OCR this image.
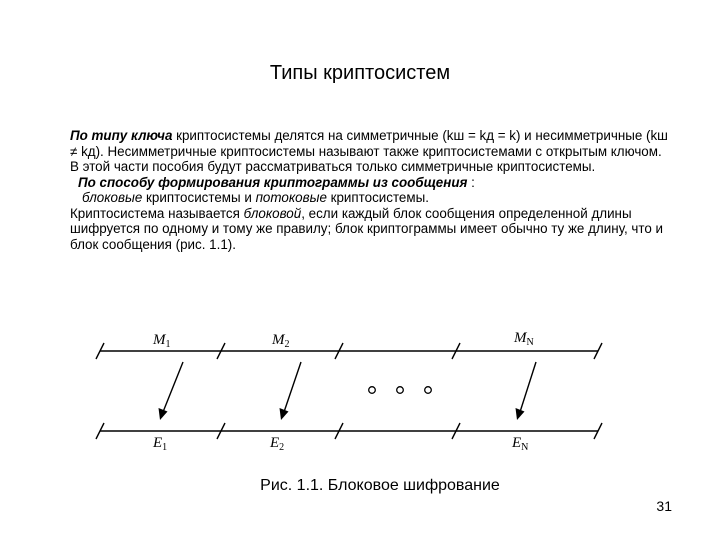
Типы криптосистем

По типу ключа криптосистемы делятся на симметричные (kш = kд = k) и несимметричные (kш ≠ kд). Несимметричные криптосистемы называют также криптосистемами с открытым ключом. В этой части пособия будут рассматриваться только симметричные криптосистемы.

По способу формирования криптограммы из сообщения :

блоковые криптосистемы и потоковые криптосистемы.

Криптосистема называется блоковой, если каждый блок сообщения определенной длины шифруется по одному и тому же правилу; блок криптограммы имеет обычно ту же длину, что и блок сообщения (рис. 1.1).

$M_1$	$M_2$	$M_N$
$E_1$	$E_2$	$E_N$
Рис. 1.1. Блоковое шифрование
31
